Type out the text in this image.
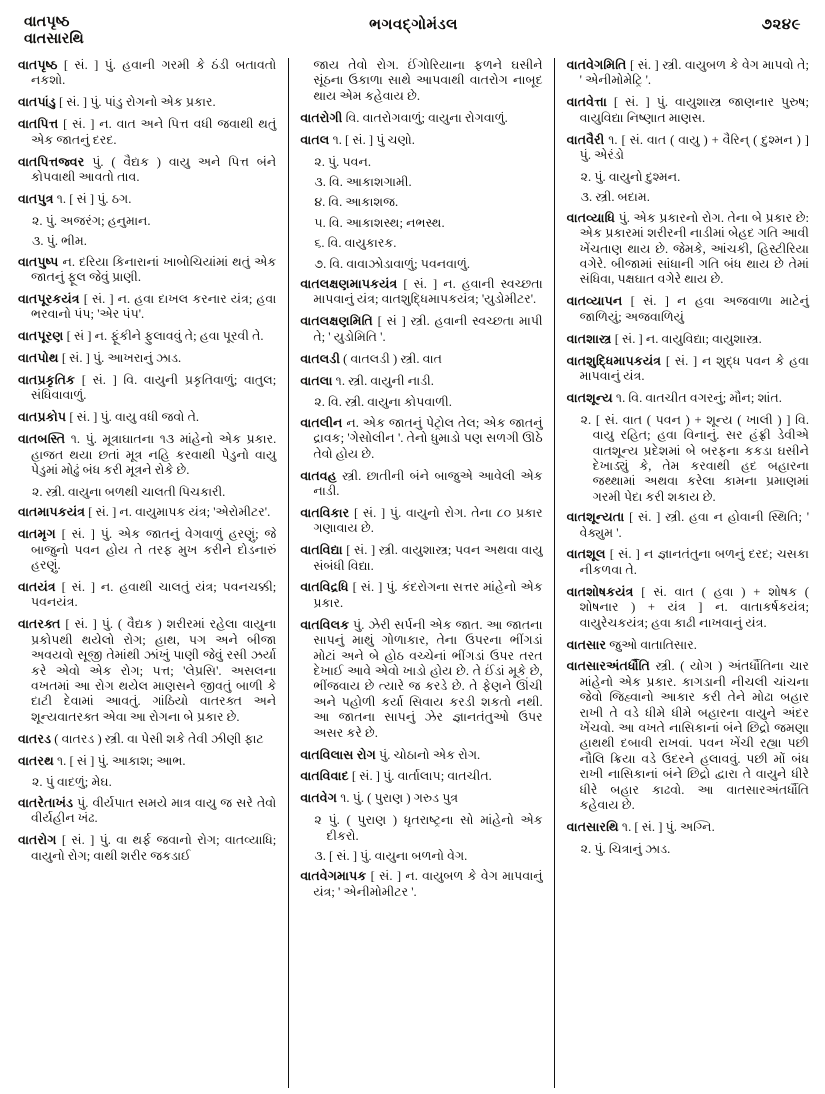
વાતપૃષ્ઠ
વાતસારથિ
ભગવદ્ગોમંડલ	૭૨૪૯

વાતપૃષ્ઠ [ સં. ] પું. હવાની ગરમી કે ઠંડી બતાવતો નકશો.

વાતપાંડુ [ સં. ] પું. પાંડુ રોગનો એક પ્રકાર.

વાતપિત્ત [ સં. ] ન. વાત અને પિત્ત વધી જવાથી થતું એક જાતનું દરદ.

વાતપિત્તજ્વર પું. ( વૈદ્યક ) વાયુ અને પિત્ત બંને કોપવાથી આવતો તાવ.

વાતપુત્ર ૧. [ સં ] પું. ઠગ.

૨. પું. અજરંગ; હનુમાન.

૩. પું. ભીમ.

વાતપુષ્પ ન. દરિયા કિનારાનાં ખાબોચિયાંમાં થતું એક જાતનું ફૂલ જેવું પ્રાણી.

વાતપૂરકયંત્ર [ સં. ] ન. હવા દાખલ કરનાર યંત્ર; હવા ભરવાનો પંપ; 'એર પંપ'.

વાતપૂરણ [ સં ] ન. ફૂંકીને ફુલાવવું તે; હવા પૂરવી તે.

વાતપોથ [ સં. ] પું. આખરાનું ઝાડ.

વાતપ્રકૃતિક [ સં. ] વિ. વાયુની પ્રકૃતિવાળું; વાતુલ; સંધિવાવાળું.

વાતપ્રકોપ [ સં. ] પું. વાયુ વધી જવો તે.

વાતબસ્તિ ૧. પું. મૂત્રાઘાતના ૧૩ માંહેનો એક પ્રકાર. હાજત થયા છતાં મૂત્ર નહિ કરવાથી પેડુનો વાયુ પેડુમાં મોઢું બંધ કરી મૂત્રને રોકે છે.

૨. સ્ત્રી. વાયુના બળથી ચાલતી પિચકારી.

વાતમાપકયંત્ર [ સં. ] ન. વાયુમાપક યંત્ર; 'એરોમીટર'.

વાતમૃગ [ સં. ] પું. એક જાતનું વેગવાળું હરણું; જે બાજુનો પવન હોય તે તરફ મુખ કરીને દોડનારું હરણું.

વાતયંત્ર [ સં. ] ન. હવાથી ચાલતું યંત્ર; પવનચક્કી; પવનયંત્ર.

વાતરક્ત [ સં. ] પું. ( વૈદ્યક ) શરીરમાં રહેલા વાયુના પ્રકોપથી થયેલો રોગ; હાથ, પગ અને બીજા અવયવો સૂજી તેમાંથી ઝાંખું પાણી જેવું રસી ઝર્યા કરે એવો એક રોગ; પત્ત; 'લેપ્રસિ'. અસલના વખતમાં આ રોગ થયેલ માણસને જીવતું બાળી કે દાટી દેવામાં આવતું. ગાંઠિયો વાતરક્ત અને શૂન્યવાતરક્ત એવા આ રોગના બે પ્રકાર છે.

વાતરડ ( વાતરડ ) સ્ત્રી. વા પેસી શકે તેવી ઝીણી ફાટ

વાતરથ ૧. [ સં ] પું. આકાશ; આભ.

૨. પું વાદળું; મેઘ.

વાતરેતાખંડ પું. વીર્યપાત સમયે માત્ર વાયુ જ સરે તેવો વીર્યહીન ખંઢ.

વાતરોગ [ સં. ] પું. વા થર્ફ જવાનો રોગ; વાતવ્યાધિ; વાયુનો રોગ; વાથી શરીર જકડાઈ

જાય તેવો રોગ. ઈંગોરિયાના ફળને ઘસીને સૂંઠના ઉકાળા સાથે આપવાથી વાતરોગ નાબૂદ થાય એમ કહેવાય છે.

વાતરોગી વિ. વાતરોગવાળું; વાયુના રોગવાળું.

વાતલ ૧. [ સં. ] પું ચણો.

૨. પું. પવન.

૩. વિ. આકાશગામી.

૪. વિ. આકાશજ.

૫. વિ. આકાશસ્થ; નભસ્થ.

૬. વિ. વાયુકારક.

૭. વિ. વાવાઝોડાવાળું; પવનવાળું.

વાતલક્ષણમાપકયંત્ર [ સં. ] ન. હવાની સ્વચ્છતા માપવાનું યંત્ર; વાતશુદ્ધિમાપકયંત્ર; 'યુડોમીટર'.

વાતલક્ષણમિતિ [ સં ] સ્ત્રી. હવાની સ્વચ્છતા માપી તે; ' યુડોમિતિ '.

વાતલડી ( વાતલડી ) સ્ત્રી. વાત

વાતલા ૧. સ્ત્રી. વાયુની નાડી.

૨. વિ. સ્ત્રી. વાયુના કોપવાળી.

વાતલીન ન. એક જાતનું પેટ્રોલ તેલ; એક જાતનું દ્રાવક; 'ગેસોલીન '. તેનો ધુમાડો પણ સળગી ઊઠે તેવો હોય છે.

વાતવહ સ્ત્રી. છાતીની બંને બાજુએ આવેલી એક નાડી.

વાતવિકાર [ સં. ] પું. વાયુનો રોગ. તેના ૮૦ પ્રકાર ગણાવાય છે.

વાતવિદ્યા [ સં. ] સ્ત્રી. વાયુશાસ્ત્ર; પવન અથવા વાયુ સંબંધી વિદ્યા.

વાતવિદ્રધિ [ સં. ] પું. કંદરોગના સત્તર માંહેનો એક પ્રકાર.

વાતવિલક પું. ઝેરી સર્પની એક જાત. આ જાતના સાપનું માથું ગોળાકાર, તેના ઉપરના ભીંગડાં મોટાં અને બે હોઠ વચ્ચેનાં ભીંગડાં ઉપર તરત દેખાઈ આવે એવો ખાડો હોય છે. તે ઈંડાં મૂકે છે, ભીંજવાય છે ત્યારે જ કરડે છે. તે ફેણને ઊંચી અને પહોળી કર્યા સિવાય કરડી શકતો નથી. આ જાતના સાપનું ઝેર જ્ઞાનતંતુઓ ઉપર અસર કરે છે.

વાતવિલાસ રોગ પું. ચોઠાનો એક રોગ.

વાતવિવાદ [ સં. ] પું. વાર્તાલાપ; વાતચીત.

વાતવેગ ૧. પું. ( પુરાણ ) ગરુડ પુત્ર

૨ પું. ( પુરાણ ) ધૃતરાષ્ટ્રના સો માંહેનો એક દીકરો.

૩. [ સં. ] પું. વાયુના બળનો વેગ.

વાતવેગમાપક [ સં. ] ન. વાયુબળ કે વેગ માપવાનું યંત્ર; ' એનીમોમીટર '.

વાતવેગમિતિ [ સં. ] સ્ત્રી. વાયુબળ કે વેગ માપવો તે; ' એનીમોમેટ્રિ '.

વાતવેત્તા [ સં. ] પું. વાયુશાસ્ત્ર જાણનાર પુરુષ; વાયુવિદ્યા નિષ્ણાત માણસ.

વાતવૈરી ૧. [ સં. વાત ( વાયુ ) + વૈરિન્ ( દુશ્મન ) ] પું. એરંડો

૨. પું. વાયુનો દુશ્મન.

૩. સ્ત્રી. બદામ.

વાતવ્યાધિ પું. એક પ્રકારનો રોગ. તેના બે પ્રકાર છે: એક પ્રકારમાં શરીરની નાડીમાં બેહદ ગતિ આવી ખેંચતાણ થાય છે. જેમકે, આંચકી, હિસ્ટીરિયા વગેરે. બીજામાં સાંધાની ગતિ બંધ થાય છે તેમાં સંધિવા, પક્ષઘાત વગેરે થાય છે.

વાતવ્યાપન [ સં. ] ન હવા અજવાળા માટેનું જાળિયું; અજવાળિયું

વાતશાસ્ત્ર [ સં. ] ન. વાયુવિદ્યા; વાયુશાસ્ત્ર.

વાતશુદ્ધિમાપકયંત્ર [ સં. ] ન શુદ્ધ પવન કે હવા માપવાનું યંત્ર.

વાતશૂન્ય ૧. વિ. વાતચીત વગરનું; મૌન; શાંત.

૨. [ સં. વાત ( પવન ) + શૂન્ય ( ખાલી ) ] વિ. વાયુ રહિત; હવા વિનાનું. સર હંફ્રી ડેવીએ વાતશૂન્ય પ્રદેશમાં બે બરફના કકડા ઘસીને દેખાડ્યું કે, તેમ કરવાથી હદ બહારના જથ્થામાં અથવા કરેલા કામના પ્રમાણમાં ગરમી પેદા કરી શકાય છે.

વાતશૂન્યતા [ સં. ] સ્ત્રી. હવા ન હોવાની સ્થિતિ; ' વેક્યુમ '.

વાતશૂલ [ સં. ] ન જ્ઞાનતંતુના બળનું દરદ; ચસકા નીકળવા તે.

વાતશોષકયંત્ર [ સં. વાત ( હવા ) + શોષક ( શોષનાર ) + યંત્ર ] ન. વાતાકર્ષકયંત્ર; વાયુરેચકયંત્ર; હવા કાઢી નાખવાનું યંત્ર.

વાતસાર જુઓ વાતાતિસાર.

વાતસારઅંતર્ધૌતિ સ્ત્રી. ( યોગ ) અંતર્ધૌતિના ચાર માંહેનો એક પ્રકાર. કાગડાની નીચલી ચાંચના જેવો જિહ્વાનો આકાર કરી તેને મોઢા બહાર રાખી તે વડે ધીમે ધીમે બહારના વાયુને અંદર ખેંચવો. આ વખતે નાસિકાનાં બંને છિદ્રો જમણા હાથથી દબાવી રાખવાં. પવન ખેંચી રહ્યા પછી નૌલિ ક્રિયા વડે ઉદરને હલાવવું. પછી મોં બંધ રાખી નાસિકાનાં બંને છિદ્રો દ્વારા તે વાયુને ધીરે ધીરે બહાર કાઢવો. આ વાતસારઅંતર્ધૌતિ કહેવાય છે.

વાતસારથિ ૧. [ સં. ] પું. અગ્નિ.

૨. પું. ચિત્રાનું ઝાડ.
